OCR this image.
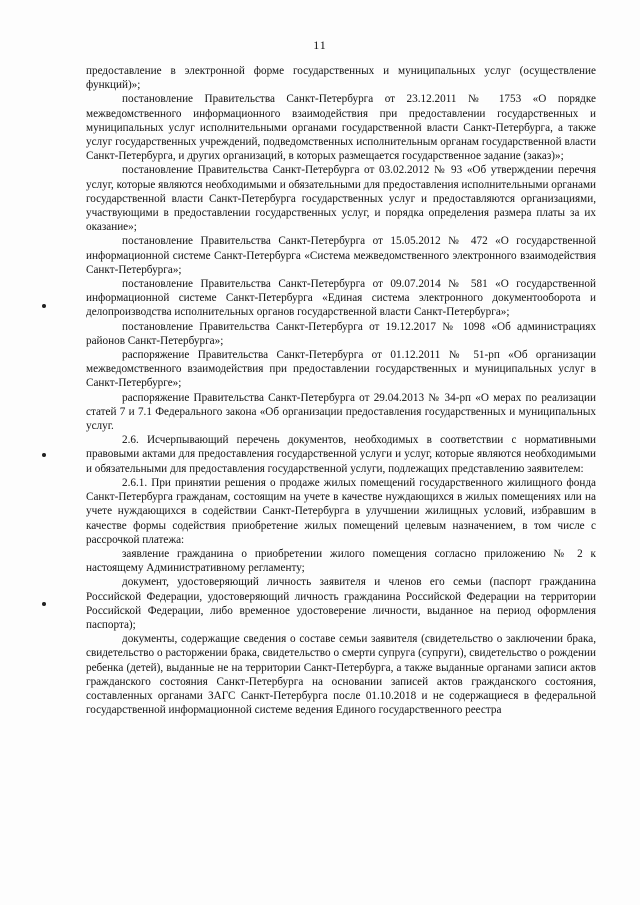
11

предоставление в электронной форме государственных и муниципальных услуг (осуществление функций)»;

постановление Правительства Санкт-Петербурга от 23.12.2011 № 1753 «О порядке межведомственного информационного взаимодействия при предоставлении государственных и муниципальных услуг исполнительными органами государственной власти Санкт-Петербурга, а также услуг государственных учреждений, подведомственных исполнительным органам государственной власти Санкт-Петербурга, и других организаций, в которых размещается государственное задание (заказ)»;

постановление Правительства Санкт-Петербурга от 03.02.2012 № 93 «Об утверждении перечня услуг, которые являются необходимыми и обязательными для предоставления исполнительными органами государственной власти Санкт-Петербурга государственных услуг и предоставляются организациями, участвующими в предоставлении государственных услуг, и порядка определения размера платы за их оказание»;

постановление Правительства Санкт-Петербурга от 15.05.2012 № 472 «О государственной информационной системе Санкт-Петербурга «Система межведомственного электронного взаимодействия Санкт-Петербурга»;

постановление Правительства Санкт-Петербурга от 09.07.2014 № 581 «О государственной информационной системе Санкт-Петербурга «Единая система электронного документооборота и делопроизводства исполнительных органов государственной власти Санкт-Петербурга»;

постановление Правительства Санкт-Петербурга от 19.12.2017 № 1098 «Об администрациях районов Санкт-Петербурга»;

распоряжение Правительства Санкт-Петербурга от 01.12.2011 № 51-рп «Об организации межведомственного взаимодействия при предоставлении государственных и муниципальных услуг в Санкт-Петербурге»;

распоряжение Правительства Санкт-Петербурга от 29.04.2013 № 34-рп «О мерах по реализации статей 7 и 7.1 Федерального закона «Об организации предоставления государственных и муниципальных услуг.

2.6. Исчерпывающий перечень документов, необходимых в соответствии с нормативными правовыми актами для предоставления государственной услуги и услуг, которые являются необходимыми и обязательными для предоставления государственной услуги, подлежащих представлению заявителем:

2.6.1. При принятии решения о продаже жилых помещений государственного жилищного фонда Санкт-Петербурга гражданам, состоящим на учете в качестве нуждающихся в жилых помещениях или на учете нуждающихся в содействии Санкт-Петербурга в улучшении жилищных условий, избравшим в качестве формы содействия приобретение жилых помещений целевым назначением, в том числе с рассрочкой платежа:

заявление гражданина о приобретении жилого помещения согласно приложению № 2 к настоящему Административному регламенту;

документ, удостоверяющий личность заявителя и членов его семьи (паспорт гражданина Российской Федерации, удостоверяющий личность гражданина Российской Федерации на территории Российской Федерации, либо временное удостоверение личности, выданное на период оформления паспорта);

документы, содержащие сведения о составе семьи заявителя (свидетельство о заключении брака, свидетельство о расторжении брака, свидетельство о смерти супруга (супруги), свидетельство о рождении ребенка (детей), выданные не на территории Санкт-Петербурга, а также выданные органами записи актов гражданского состояния Санкт-Петербурга на основании записей актов гражданского состояния, составленных органами ЗАГС Санкт-Петербурга после 01.10.2018 и не содержащиеся в федеральной государственной информационной системе ведения Единого государственного реестра
